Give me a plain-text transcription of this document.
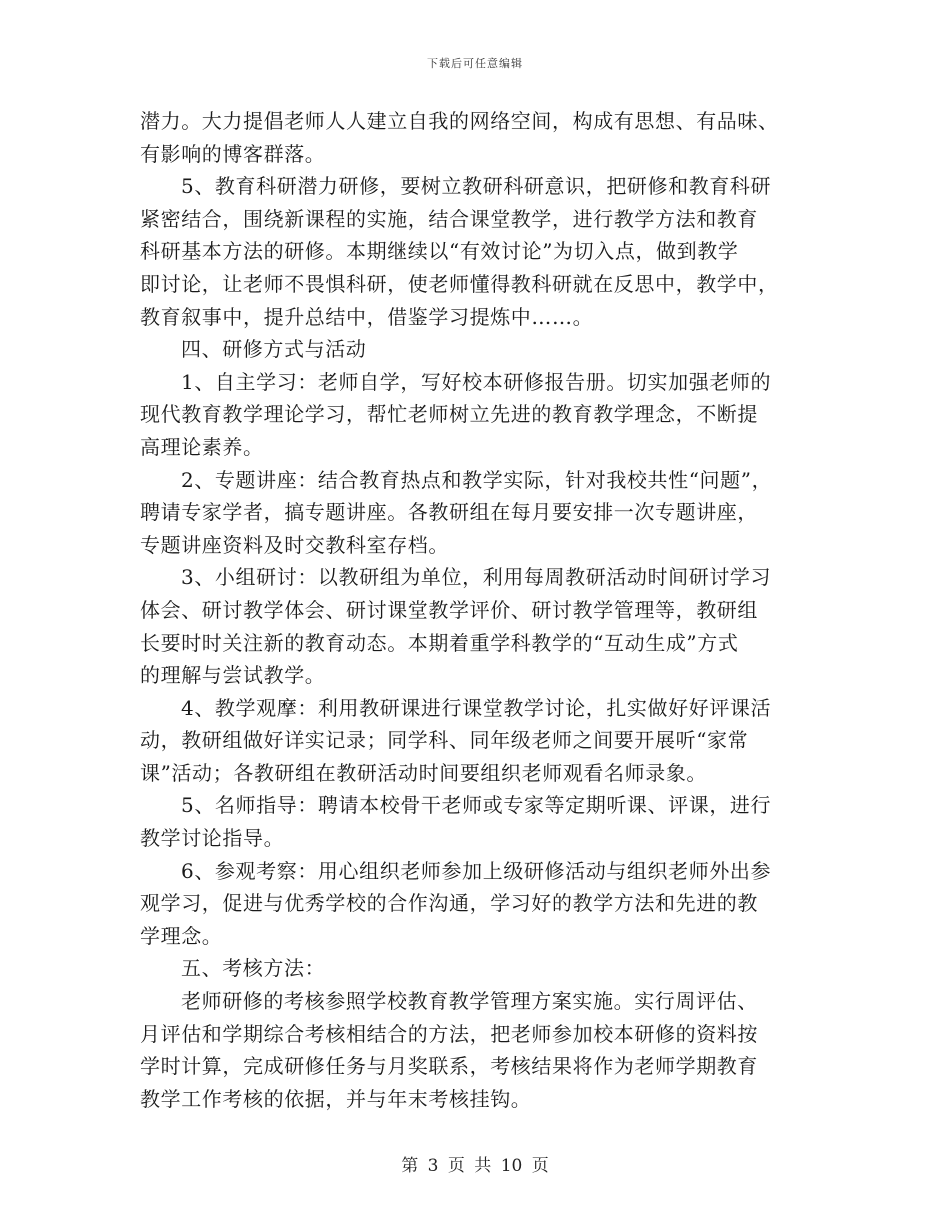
下载后可任意编辑
潜力。大力提倡老师人人建立自我的网络空间，构成有思想、有品味、
有影响的博客群落。
5、教育科研潜力研修，要树立教研科研意识，把研修和教育科研
紧密结合，围绕新课程的实施，结合课堂教学，进行教学方法和教育
科研基本方法的研修。本期继续以“有效讨论”为切入点，做到教学
即讨论，让老师不畏惧科研，使老师懂得教科研就在反思中，教学中，
教育叙事中，提升总结中，借鉴学习提炼中……。
四、研修方式与活动
1、自主学习：老师自学，写好校本研修报告册。切实加强老师的
现代教育教学理论学习，帮忙老师树立先进的教育教学理念，不断提
高理论素养。
2、专题讲座：结合教育热点和教学实际，针对我校共性“问题”，
聘请专家学者，搞专题讲座。各教研组在每月要安排一次专题讲座，
专题讲座资料及时交教科室存档。
3、小组研讨：以教研组为单位，利用每周教研活动时间研讨学习
体会、研讨教学体会、研讨课堂教学评价、研讨教学管理等，教研组
长要时时关注新的教育动态。本期着重学科教学的“互动生成”方式
的理解与尝试教学。
4、教学观摩：利用教研课进行课堂教学讨论，扎实做好好评课活
动，教研组做好详实记录；同学科、同年级老师之间要开展听“家常
课”活动；各教研组在教研活动时间要组织老师观看名师录象。
5、名师指导：聘请本校骨干老师或专家等定期听课、评课，进行
教学讨论指导。
6、参观考察：用心组织老师参加上级研修活动与组织老师外出参
观学习，促进与优秀学校的合作沟通，学习好的教学方法和先进的教
学理念。
五、考核方法：
老师研修的考核参照学校教育教学管理方案实施。实行周评估、
月评估和学期综合考核相结合的方法，把老师参加校本研修的资料按
学时计算，完成研修任务与月奖联系，考核结果将作为老师学期教育
教学工作考核的依据，并与年末考核挂钩。
第 3 页 共 10 页
